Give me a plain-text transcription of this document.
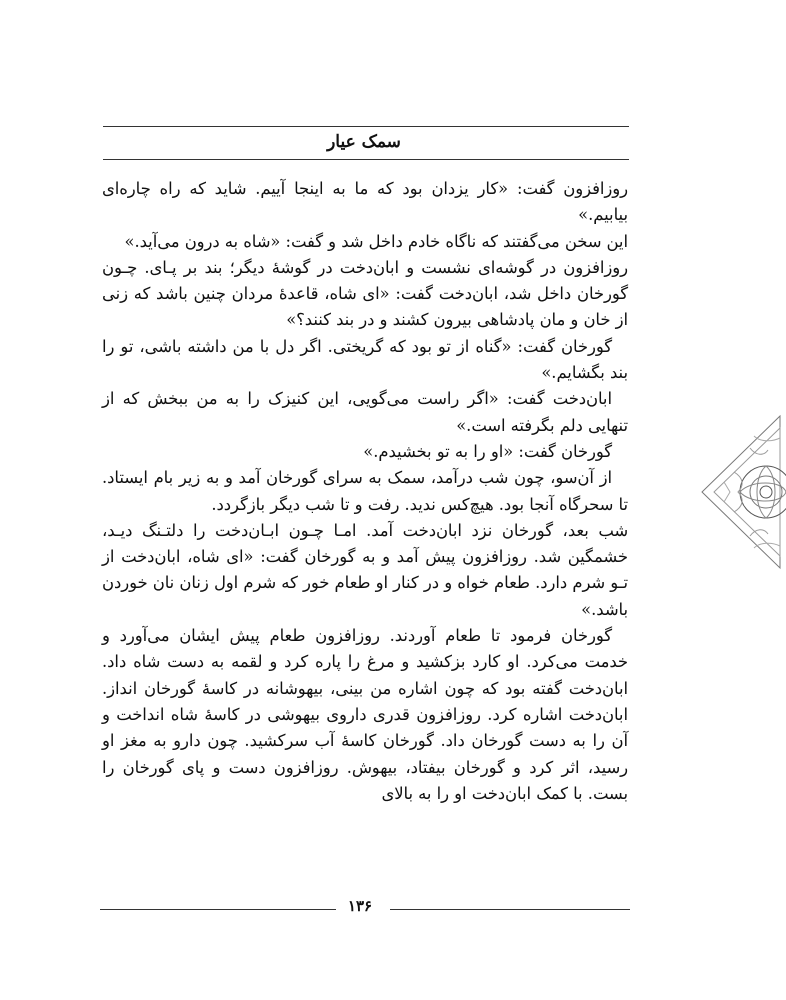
سمک عیار

روزافزون گفت: «کار یزدان بود که ما به اینجا آییم. شاید که راه چاره‌ای بیابیم.»

این سخن می‌گفتند که ناگاه خادم داخل شد و گفت: «شاه به درون می‌آید.»

روزافزون در گوشه‌ای نشست و ابان‌دخت در گوشهٔ دیگر؛ بند بر پـای. چـون گورخان داخل شد، ابان‌دخت گفت: «ای شاه، قاعدهٔ مردان چنین باشد که زنی از خان و مان پادشاهی بیرون کشند و در بند کنند؟»

گورخان گفت: «گناه از تو بود که گریختی. اگر دل با من داشته باشی، تو را بند بگشایم.»

ابان‌دخت گفت: «اگر راست می‌گویی، این کنیزک را به من ببخش که از تنهایی دلم بگرفته است.»

گورخان گفت: «او را به تو بخشیدم.»

از آن‌سو، چون شب درآمد، سمک به سرای گورخان آمد و به زیر بام ایستاد. تا سحرگاه آنجا بود. هیچ‌کس ندید. رفت و تا شب دیگر بازگردد.

شب بعد، گورخان نزد ابان‌دخت آمد. امـا چـون ابـان‌دخت را دلتـنگ دیـد، خشمگین شد. روزافزون پیش آمد و به گورخان گفت: «ای شاه، ابان‌دخت از تـو شرم دارد. طعام خواه و در کنار او طعام خور که شرم اول زنان نان خوردن باشد.»

گورخان فرمود تا طعام آوردند. روزافزون طعام پیش ایشان می‌آورد و خدمت می‌کرد. او کارد بزکشید و مرغ را پاره کرد و لقمه به دست شاه داد. ابان‌دخت گفته بود که چون اشاره من بینی، بیهوشانه در کاسهٔ گورخان انداز. ابان‌دخت اشاره کرد. روزافزون قدری داروی بیهوشی در کاسهٔ شاه انداخت و آن را به دست گورخان داد. گورخان کاسهٔ آب سرکشید. چون دارو به مغز او رسید، اثر کرد و گورخان بیفتاد، بیهوش. روزافزون دست و پای گورخان را بست. با کمک ابان‌دخت او را به بالای

۱۳۶
